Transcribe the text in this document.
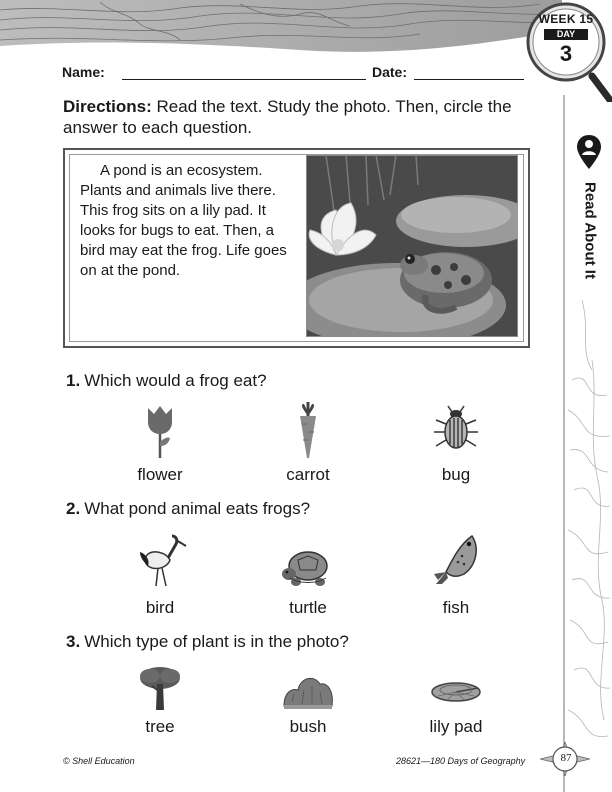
WEEK 15
DAY
3
Read About It
Name:	Date:
Directions: Read the text. Study the photo. Then, circle the answer to each question.
A pond is an ecosystem. Plants and animals live there. This frog sits on a lily pad. It looks for bugs to eat. Then, a bird may eat the frog. Life goes on at the pond.
1. Which would a frog eat?
flower	carrot	bug
2. What pond animal eats frogs?
bird	turtle	fish
3. Which type of plant is in the photo?
tree	bush	lily pad
© Shell Education	28621—180 Days of Geography	87
